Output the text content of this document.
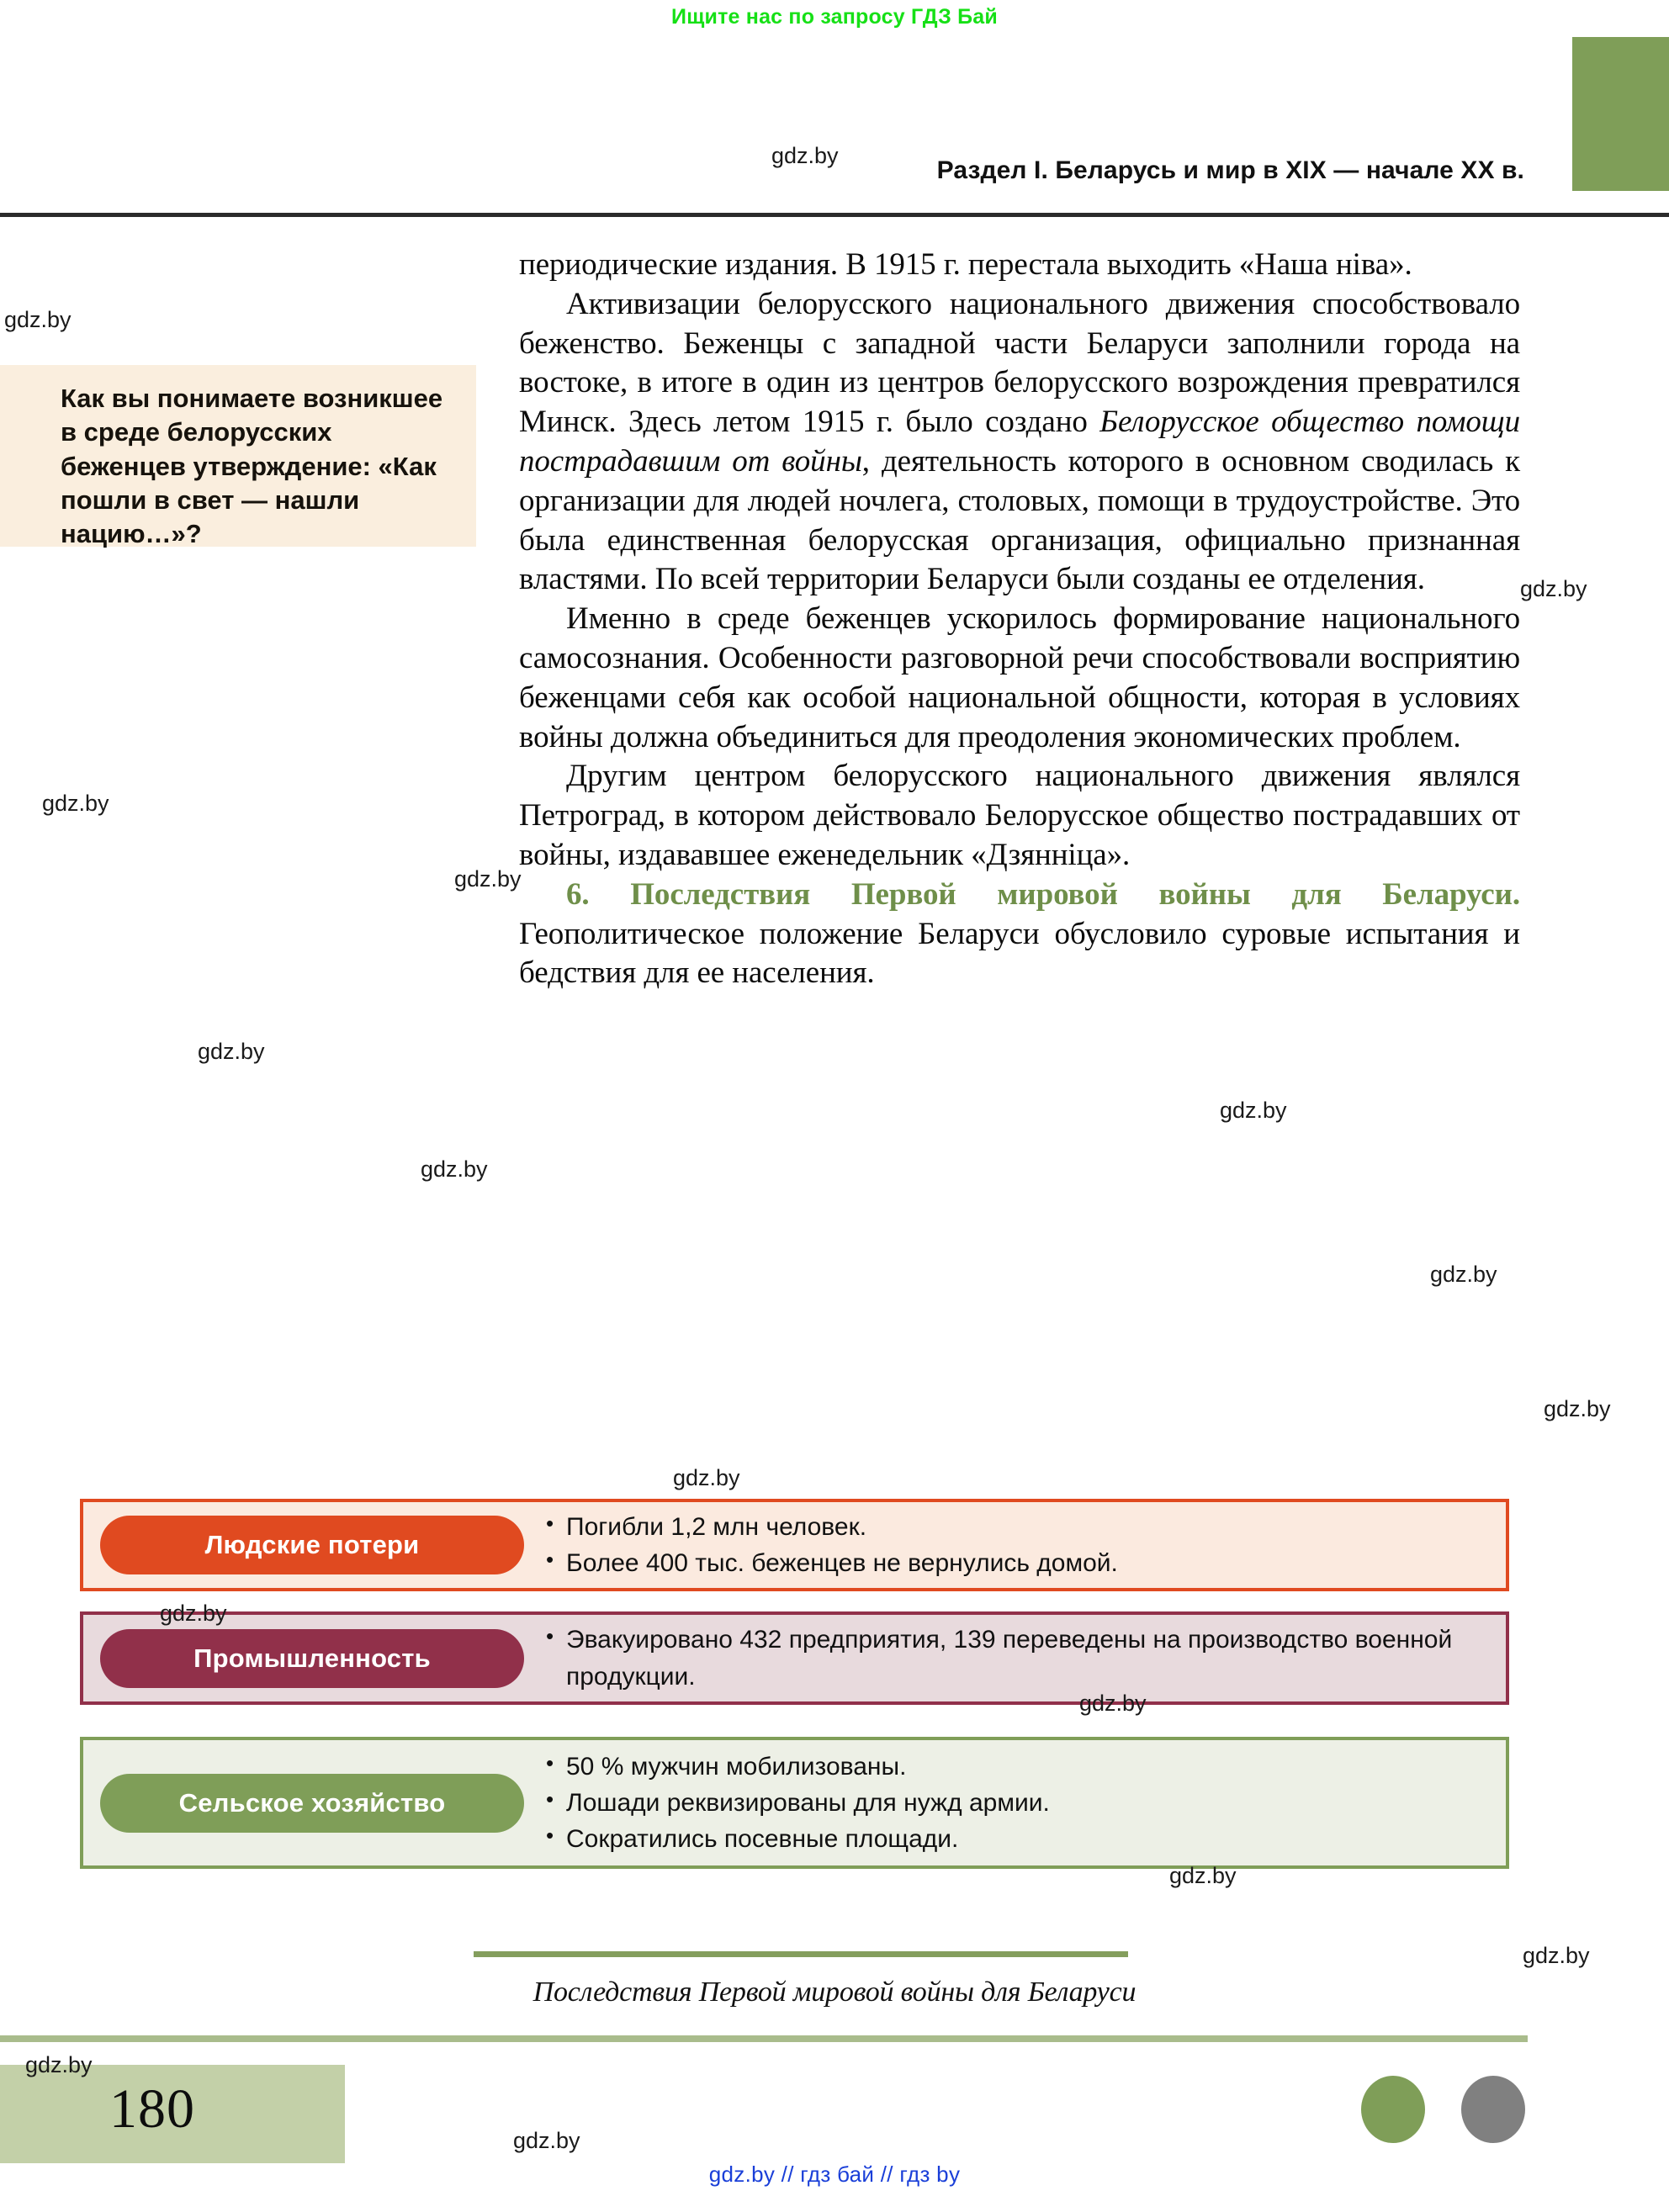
Ищите нас по запросу ГДЗ Бай
Раздел I. Беларусь и мир в XIX — начале XX в.
Как вы понимаете возникшее в среде белорусских беженцев утверждение: «Как пошли в свет — нашли нацию…»?

периодические издания. В 1915 г. перестала выходить «Наша ніва».

Активизации белорусского национального движения способствовало беженство. Беженцы с западной части Беларуси заполнили города на востоке, в итоге в один из центров белорусского возрождения превратился Минск. Здесь летом 1915 г. было создано Белорусское общество помощи пострадавшим от войны, деятельность которого в основном сводилась к организации для людей ночлега, столовых, помощи в трудоустройстве. Это была единственная белорусская организация, официально признанная властями. По всей территории Беларуси были созданы ее отделения.

Именно в среде беженцев ускорилось формирование национального самосознания. Особенности разговорной речи способствовали восприятию беженцами себя как особой национальной общности, которая в условиях войны должна объединиться для преодоления экономических проблем.

Другим центром белорусского национального движения являлся Петроград, в котором действовало Белорусское общество пострадавших от войны, издававшее еженедельник «Дзянніца».

6. Последствия Первой мировой войны для Беларуси. Геополитическое положение Беларуси обусловило суровые испытания и бедствия для ее населения.

Людские потери
• Погибли 1,2 млн человек.
• Более 400 тыс. беженцев не вернулись домой.
Промышленность
• Эвакуировано 432 предприятия, 139 переведены на производство военной продукции.
Сельское хозяйство
• 50 % мужчин мобилизованы.
• Лошади реквизированы для нужд армии.
• Сократились посевные площади.
Последствия Первой мировой войны для Беларуси
180
gdz.by // гдз бай // гдз by
gdz.by
gdz.by
gdz.by
gdz.by
gdz.by
gdz.by
gdz.by
gdz.by
gdz.by
gdz.by
gdz.by
gdz.by
gdz.by
gdz.by
gdz.by
gdz.by
gdz.by
